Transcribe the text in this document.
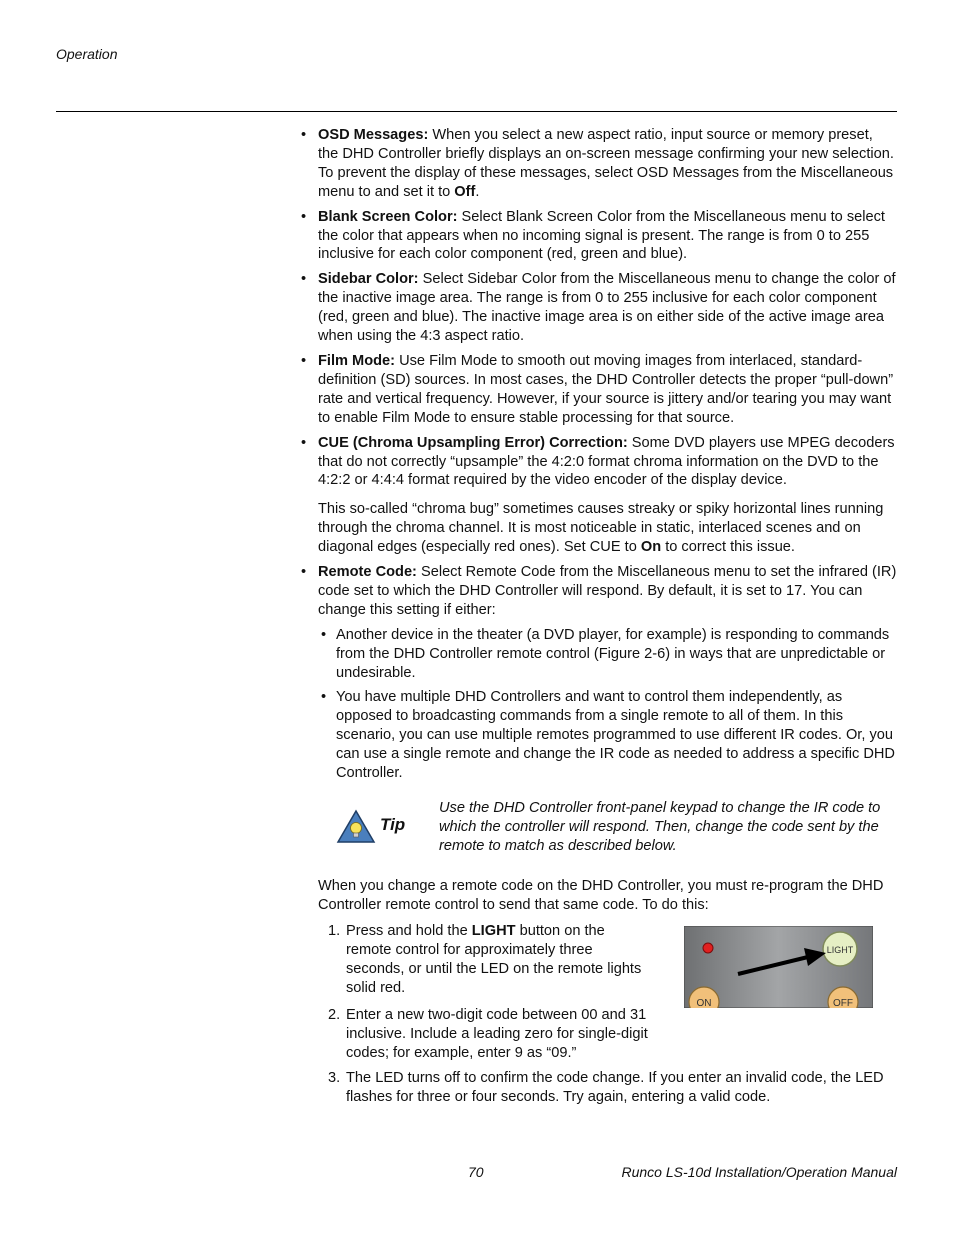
Operation
• OSD Messages: When you select a new aspect ratio, input source or memory preset, the DHD Controller briefly displays an on-screen message confirming your new selection. To prevent the display of these messages, select OSD Messages from the Miscellaneous menu to and set it to Off.
• Blank Screen Color: Select Blank Screen Color from the Miscellaneous menu to select the color that appears when no incoming signal is present. The range is from 0 to 255 inclusive for each color component (red, green and blue).
• Sidebar Color: Select Sidebar Color from the Miscellaneous menu to change the color of the inactive image area. The range is from 0 to 255 inclusive for each color component (red, green and blue). The inactive image area is on either side of the active image area when using the 4:3 aspect ratio.
• Film Mode: Use Film Mode to smooth out moving images from interlaced, standard-definition (SD) sources. In most cases, the DHD Controller detects the proper “pull-down” rate and vertical frequency. However, if your source is jittery and/or tearing you may want to enable Film Mode to ensure stable processing for that source.
• CUE (Chroma Upsampling Error) Correction: Some DVD players use MPEG decoders that do not correctly “upsample” the 4:2:0 format chroma information on the DVD to the 4:2:2 or 4:4:4 format required by the video encoder of the display device.
This so-called “chroma bug” sometimes causes streaky or spiky horizontal lines running through the chroma channel. It is most noticeable in static, interlaced scenes and on diagonal edges (especially red ones). Set CUE to On to correct this issue.
• Remote Code: Select Remote Code from the Miscellaneous menu to set the infrared (IR) code set to which the DHD Controller will respond. By default, it is set to 17. You can change this setting if either:
• Another device in the theater (a DVD player, for example) is responding to commands from the DHD Controller remote control (Figure 2-6) in ways that are unpredictable or undesirable.
• You have multiple DHD Controllers and want to control them independently, as opposed to broadcasting commands from a single remote to all of them. In this scenario, you can use multiple remotes programmed to use different IR codes. Or, you can use a single remote and change the IR code as needed to address a specific DHD Controller.
Tip
Use the DHD Controller front-panel keypad to change the IR code to which the controller will respond. Then, change the code sent by the remote to match as described below.
When you change a remote code on the DHD Controller, you must re-program the DHD Controller remote control to send that same code. To do this:
1. Press and hold the LIGHT button on the
remote control for approximately three
seconds, or until the LED on the remote lights
solid red.
2. Enter a new two-digit code between 00 and 31
inclusive. Include a leading zero for single-digit
codes; for example, enter 9 as “09.”
3. The LED turns off to confirm the code change. If you enter an invalid code, the LED
flashes for three or four seconds. Try again, entering a valid code.
LIGHT
ON	OFF
70	Runco LS-10d Installation/Operation Manual
